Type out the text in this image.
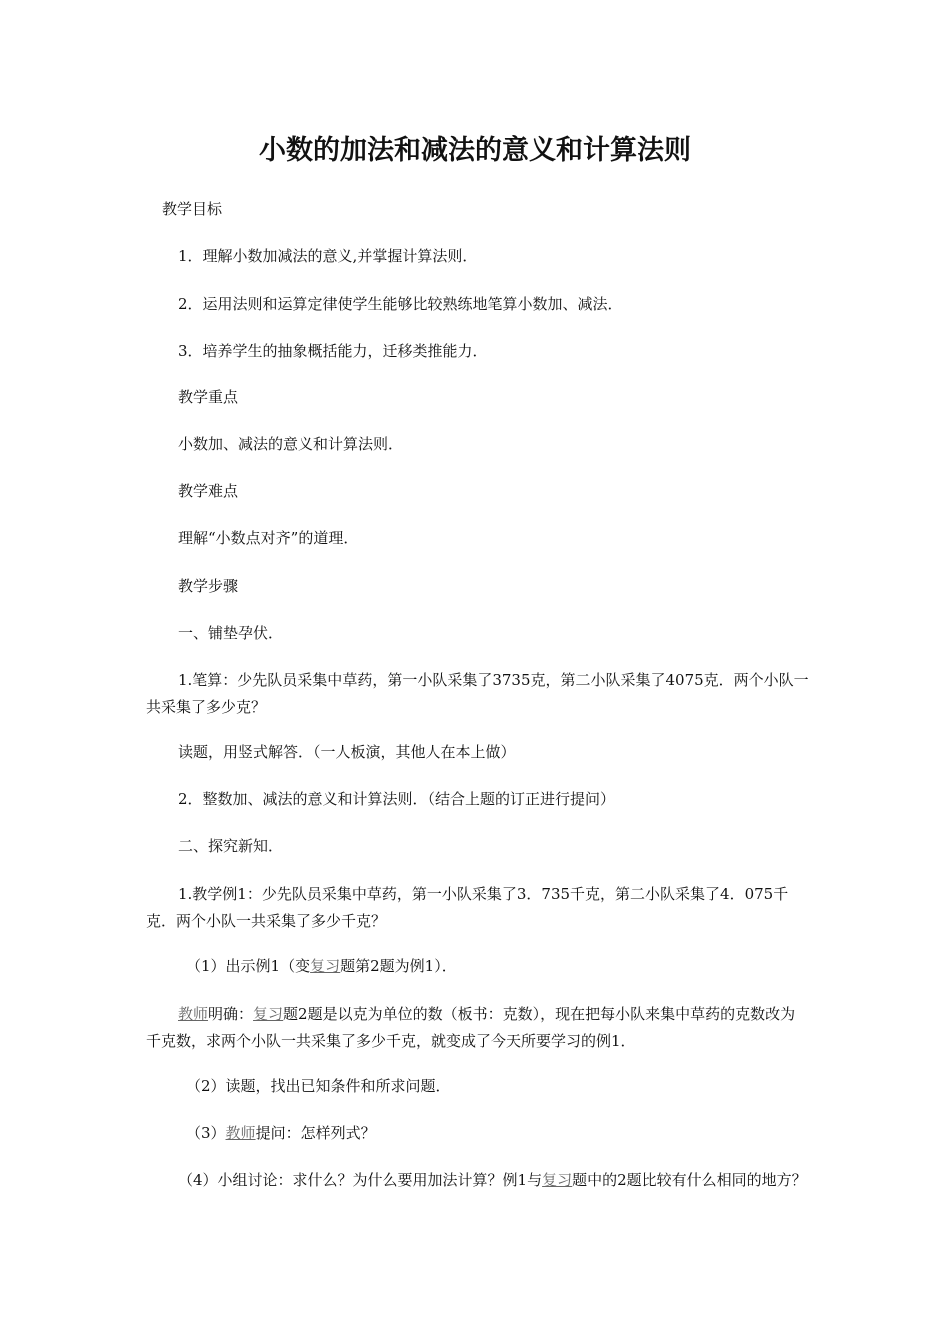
小数的加法和减法的意义和计算法则

教学目标

1．理解小数加减法的意义,并掌握计算法则．

2．运用法则和运算定律使学生能够比较熟练地笔算小数加、减法．

3．培养学生的抽象概括能力，迁移类推能力．

教学重点

小数加、减法的意义和计算法则．

教学难点

理解“小数点对齐”的道理．

教学步骤

一、铺垫孕伏．

1.笔算：少先队员采集中草药，第一小队采集了3735克，第二小队采集了4075克．两个小队一共采集了多少克？

读题，用竖式解答．（一人板演，其他人在本上做）

2．整数加、减法的意义和计算法则．（结合上题的订正进行提问）

二、探究新知．

1.教学例1：少先队员采集中草药，第一小队采集了3．735千克，第二小队采集了4．075千克．两个小队一共采集了多少千克？

（1）出示例1（变复习题第2题为例1）．

教师明确：复习题2题是以克为单位的数（板书：克数），现在把每小队来集中草药的克数改为千克数，求两个小队一共采集了多少千克，就变成了今天所要学习的例1．

（2）读题，找出已知条件和所求问题．

（3）教师提问：怎样列式？

（4）小组讨论：求什么？为什么要用加法计算？例1与复习题中的2题比较有什么相同的地方？
